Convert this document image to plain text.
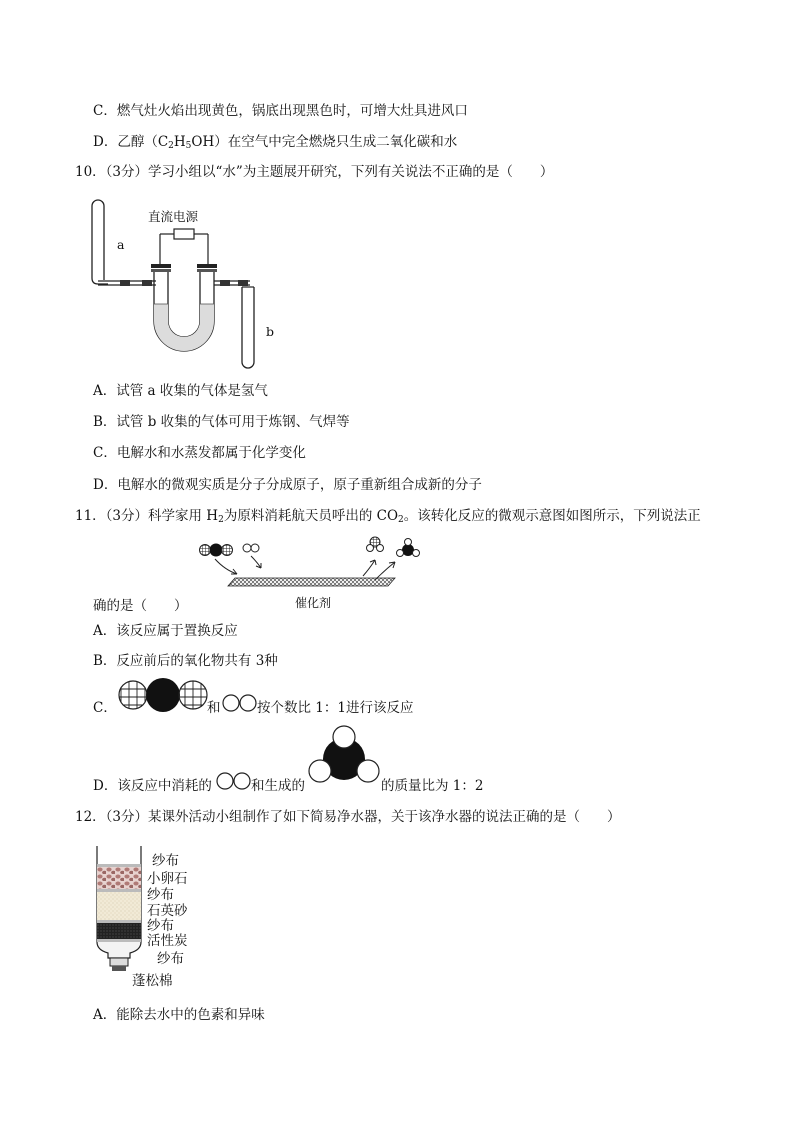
C．燃气灶火焰出现黄色，锅底出现黑色时，可增大灶具进风口
D．乙醇$(C_2H_5OH)$在空气中完全燃烧只生成二氧化碳和水
10．（3分）学习小组以“水”为主题展开研究，下列有关说法不正确的是（　　）
直流电源
a
b
A．试管 a 收集的气体是氢气
B．试管 b 收集的气体可用于炼钢、气焊等
C．电解水和水蒸发都属于化学变化
D．电解水的微观实质是分子分成原子，原子重新组合成新的分子
11．（3分）科学家用 $H_2$为原料消耗航天员呼出的 $CO_2$。该转化反应的微观示意图如图所示，下列说法正
催化剂
确的是（　　）
A．该反应属于置换反应
B．反应前后的氧化物共有 3种
C．	和	按个数比 1：1进行该反应
D．该反应中消耗的	和生成的	的质量比为 1：2
12．（3分）某课外活动小组制作了如下简易净水器，关于该净水器的说法正确的是（　　）
纱布
小卵石
纱布
石英砂
纱布
活性炭
纱布
蓬松棉
A．能除去水中的色素和异味
